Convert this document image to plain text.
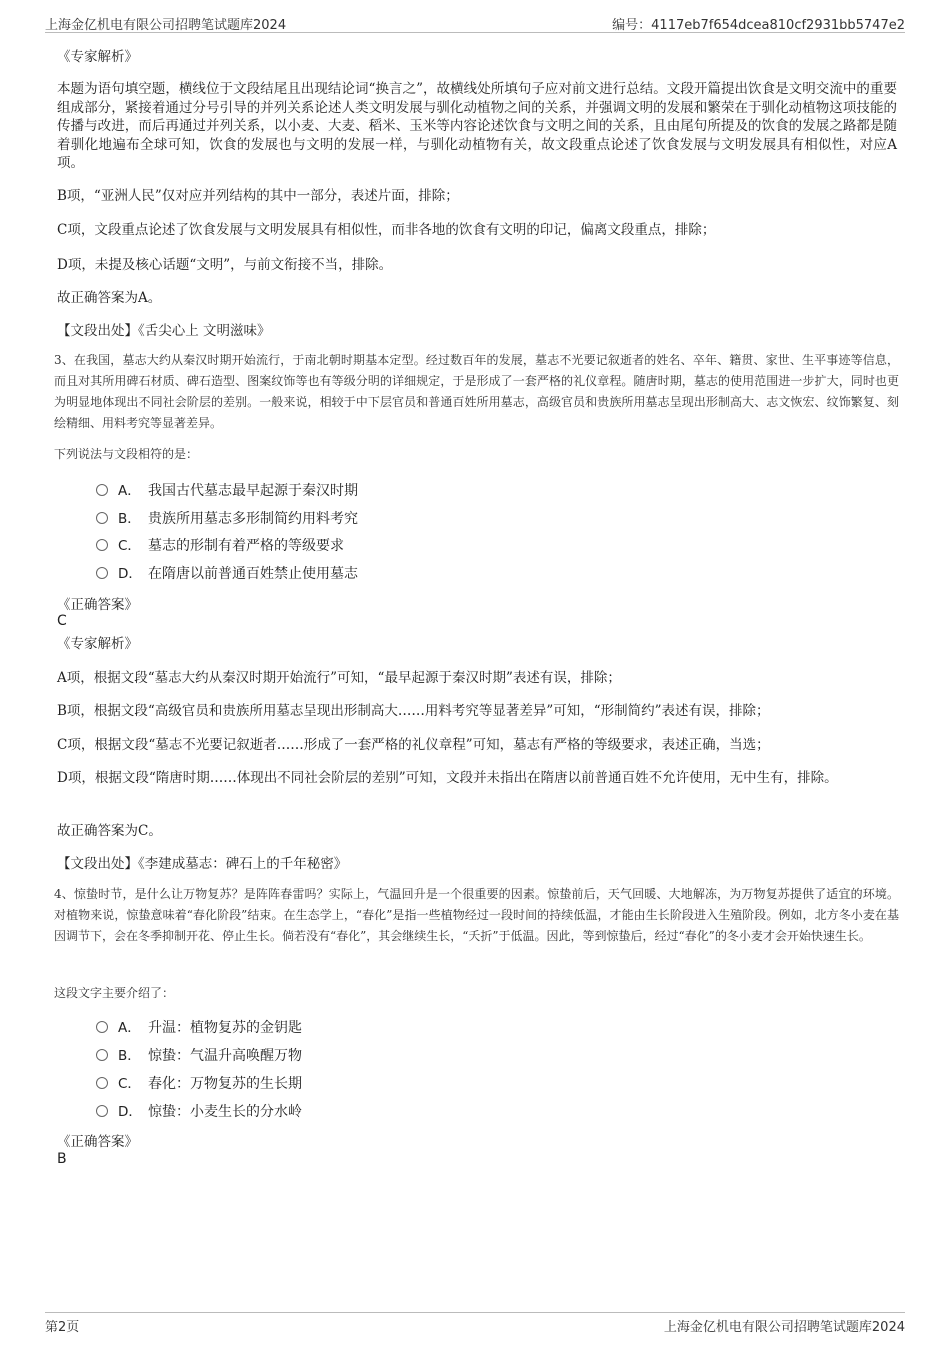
上海金亿机电有限公司招聘笔试题库2024	编号：4117eb7f654dcea810cf2931bb5747e2
《专家解析》
本题为语句填空题，横线位于文段结尾且出现结论词“换言之”，故横线处所填句子应对前文进行总结。文段开篇提出饮食是文明交流中的重要组成部分，紧接着通过分号引导的并列关系论述人类文明发展与驯化动植物之间的关系，并强调文明的发展和繁荣在于驯化动植物这项技能的传播与改进，而后再通过并列关系，以小麦、大麦、稻米、玉米等内容论述饮食与文明之间的关系，且由尾句所提及的饮食的发展之路都是随着驯化地遍布全球可知，饮食的发展也与文明的发展一样，与驯化动植物有关，故文段重点论述了饮食发展与文明发展具有相似性，对应A项。
B项，“亚洲人民”仅对应并列结构的其中一部分，表述片面，排除；
C项，文段重点论述了饮食发展与文明发展具有相似性，而非各地的饮食有文明的印记，偏离文段重点，排除；
D项，未提及核心话题“文明”，与前文衔接不当，排除。
故正确答案为A。
【文段出处】《舌尖心上 文明滋味》
3、在我国，墓志大约从秦汉时期开始流行，于南北朝时期基本定型。经过数百年的发展，墓志不光要记叙逝者的姓名、卒年、籍贯、家世、生平事迹等信息，而且对其所用碑石材质、碑石造型、图案纹饰等也有等级分明的详细规定，于是形成了一套严格的礼仪章程。随唐时期，墓志的使用范围进一步扩大，同时也更为明显地体现出不同社会阶层的差别。一般来说，相较于中下层官员和普通百姓所用墓志，高级官员和贵族所用墓志呈现出形制高大、志文恢宏、纹饰繁复、刻绘精细、用料考究等显著差异。
下列说法与文段相符的是：
A． 我国古代墓志最早起源于秦汉时期
B． 贵族所用墓志多形制简约用料考究
C． 墓志的形制有着严格的等级要求
D． 在隋唐以前普通百姓禁止使用墓志
《正确答案》
C
《专家解析》
A项，根据文段“墓志大约从秦汉时期开始流行”可知，“最早起源于秦汉时期”表述有误，排除；
B项，根据文段“高级官员和贵族所用墓志呈现出形制高大……用料考究等显著差异”可知，“形制简约”表述有误，排除；
C项，根据文段“墓志不光要记叙逝者……形成了一套严格的礼仪章程”可知，墓志有严格的等级要求，表述正确，当选；
D项，根据文段“隋唐时期……体现出不同社会阶层的差别”可知，文段并未指出在隋唐以前普通百姓不允许使用，无中生有，排除。
故正确答案为C。
【文段出处】《李建成墓志：碑石上的千年秘密》
4、惊蛰时节，是什么让万物复苏？是阵阵春雷吗？实际上，气温回升是一个很重要的因素。惊蛰前后，天气回暖、大地解冻，为万物复苏提供了适宜的环境。对植物来说，惊蛰意味着“春化阶段”结束。在生态学上，“春化”是指一些植物经过一段时间的持续低温，才能由生长阶段进入生殖阶段。例如，北方冬小麦在基因调节下，会在冬季抑制开花、停止生长。倘若没有“春化”，其会继续生长，“夭折”于低温。因此，等到惊蛰后，经过“春化”的冬小麦才会开始快速生长。
这段文字主要介绍了：
A． 升温：植物复苏的金钥匙
B． 惊蛰：气温升高唤醒万物
C． 春化：万物复苏的生长期
D． 惊蛰：小麦生长的分水岭
《正确答案》
B
第2页	上海金亿机电有限公司招聘笔试题库2024
